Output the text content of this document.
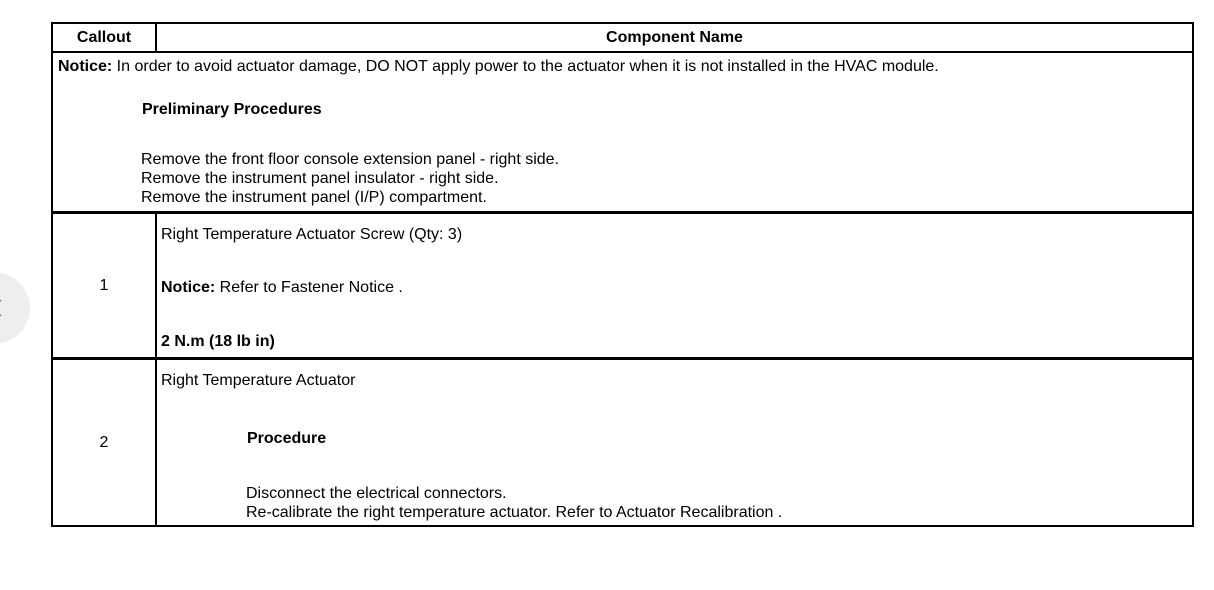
Callout	Component Name

Notice: In order to avoid actuator damage, DO NOT apply power to the actuator when it is not installed in the HVAC module.
Preliminary Procedures
Remove the front floor console extension panel - right side.
Remove the instrument panel insulator - right side.
Remove the instrument panel (I/P) compartment.	

1	Right Temperature Actuator Screw (Qty: 3)
Notice: Refer to Fastener Notice .
2 N.m (18 lb in)

2	Right Temperature Actuator
Procedure
Disconnect the electrical connectors.
Re-calibrate the right temperature actuator. Refer to Actuator Recalibration .
